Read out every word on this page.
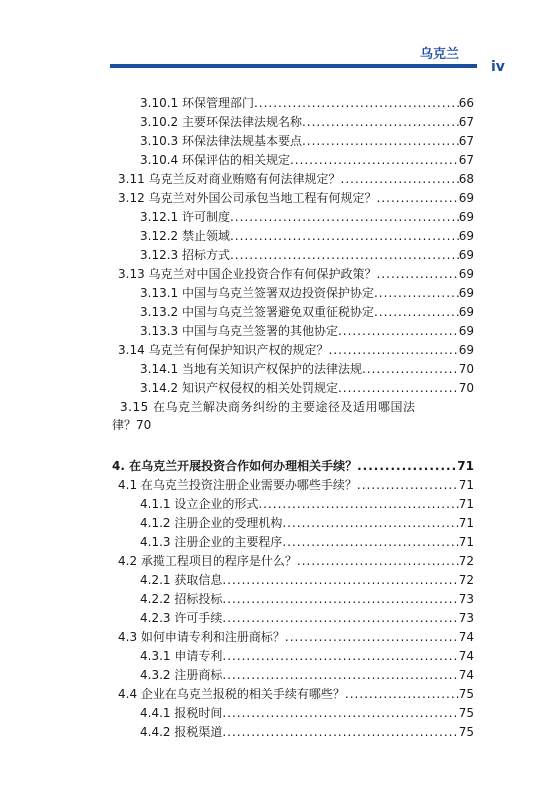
乌克兰
iv
3.10.1 环保管理部门 .....	66
3.10.2 主要环保法律法规名称 .....	67
3.10.3 环保法律法规基本要点 .....	67
3.10.4 环保评估的相关规定 .....	67
3.11 乌克兰反对商业贿赂有何法律规定？ .....	68
3.12 乌克兰对外国公司承包当地工程有何规定？ .....	69
3.12.1 许可制度 .....	69
3.12.2 禁止领域 .....	69
3.12.3 招标方式 .....	69
3.13 乌克兰对中国企业投资合作有何保护政策？ .....	69
3.13.1 中国与乌克兰签署双边投资保护协定 .....	69
3.13.2 中国与乌克兰签署避免双重征税协定 .....	69
3.13.3 中国与乌克兰签署的其他协定 .....	69
3.14 乌克兰有何保护知识产权的规定？ .....	69
3.14.1 当地有关知识产权保护的法律法规 .....	70
3.14.2 知识产权侵权的相关处罚规定 .....	70
3.15 在乌克兰解决商务纠纷的主要途径及适用哪国法
律？ 70
4. 在乌克兰开展投资合作如何办理相关手续？ .....	71
4.1 在乌克兰投资注册企业需要办哪些手续？ .....	71
4.1.1 设立企业的形式 .....	71
4.1.2 注册企业的受理机构 .....	71
4.1.3 注册企业的主要程序 .....	71
4.2 承揽工程项目的程序是什么？ .....	72
4.2.1 获取信息 .....	72
4.2.2 招标投标 .....	73
4.2.3 许可手续 .....	73
4.3 如何申请专利和注册商标？ .....	74
4.3.1 申请专利 .....	74
4.3.2 注册商标 .....	74
4.4 企业在乌克兰报税的相关手续有哪些？ .....	75
4.4.1 报税时间 .....	75
4.4.2 报税渠道 .....	75
